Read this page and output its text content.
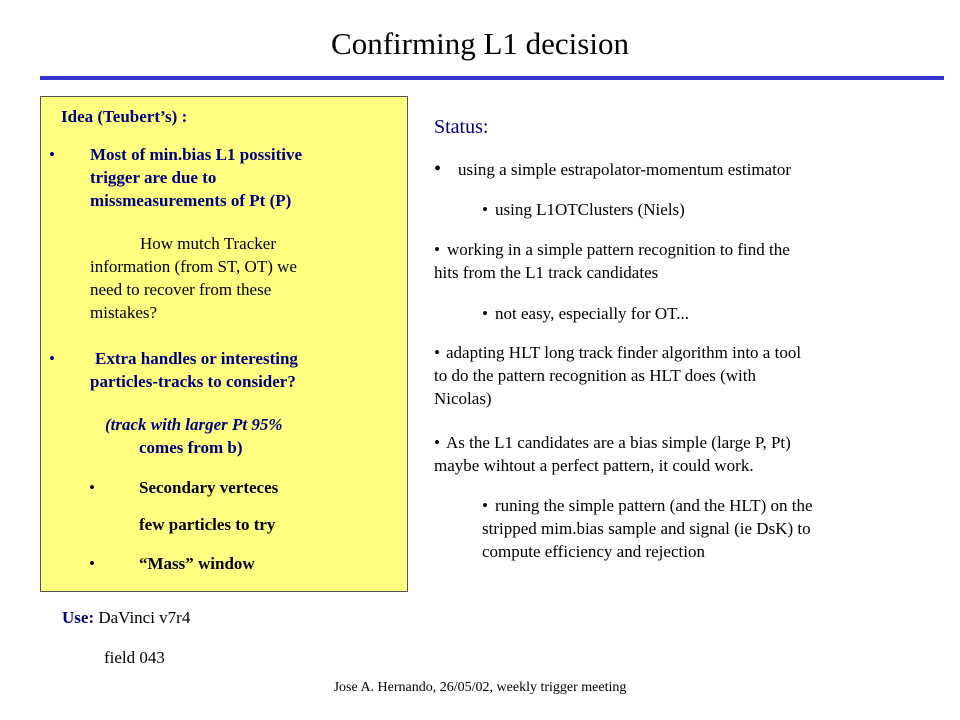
Confirming L1 decision
Idea (Teubert’s) :
• Most of min.bias L1 possitive
trigger are due to
missmeasurements of Pt (P)
How mutch Tracker
information (from ST, OT) we
need to recover from these
mistakes?
• Extra handles or interesting
particles-tracks to consider?
(track with larger Pt 95%
comes from b)
•	Secondary verteces
few particles to try
•	“Mass” window
Use: DaVinci v7r4
field 043
Status:
• using a simple estrapolator-momentum estimator
• using L1OTClusters (Niels)
• working in a simple pattern recognition to find the
hits from the L1 track candidates
• not easy, especially for OT...
• adapting HLT long track finder algorithm into a tool
to do the pattern recognition as HLT does (with
Nicolas)
• As the L1 candidates are a bias simple (large P, Pt)
maybe wihtout a perfect pattern, it could work.
• runing the simple pattern (and the HLT) on the
stripped mim.bias sample and signal (ie DsK) to
compute efficiency and rejection
Jose A. Hernando, 26/05/02, weekly trigger meeting
